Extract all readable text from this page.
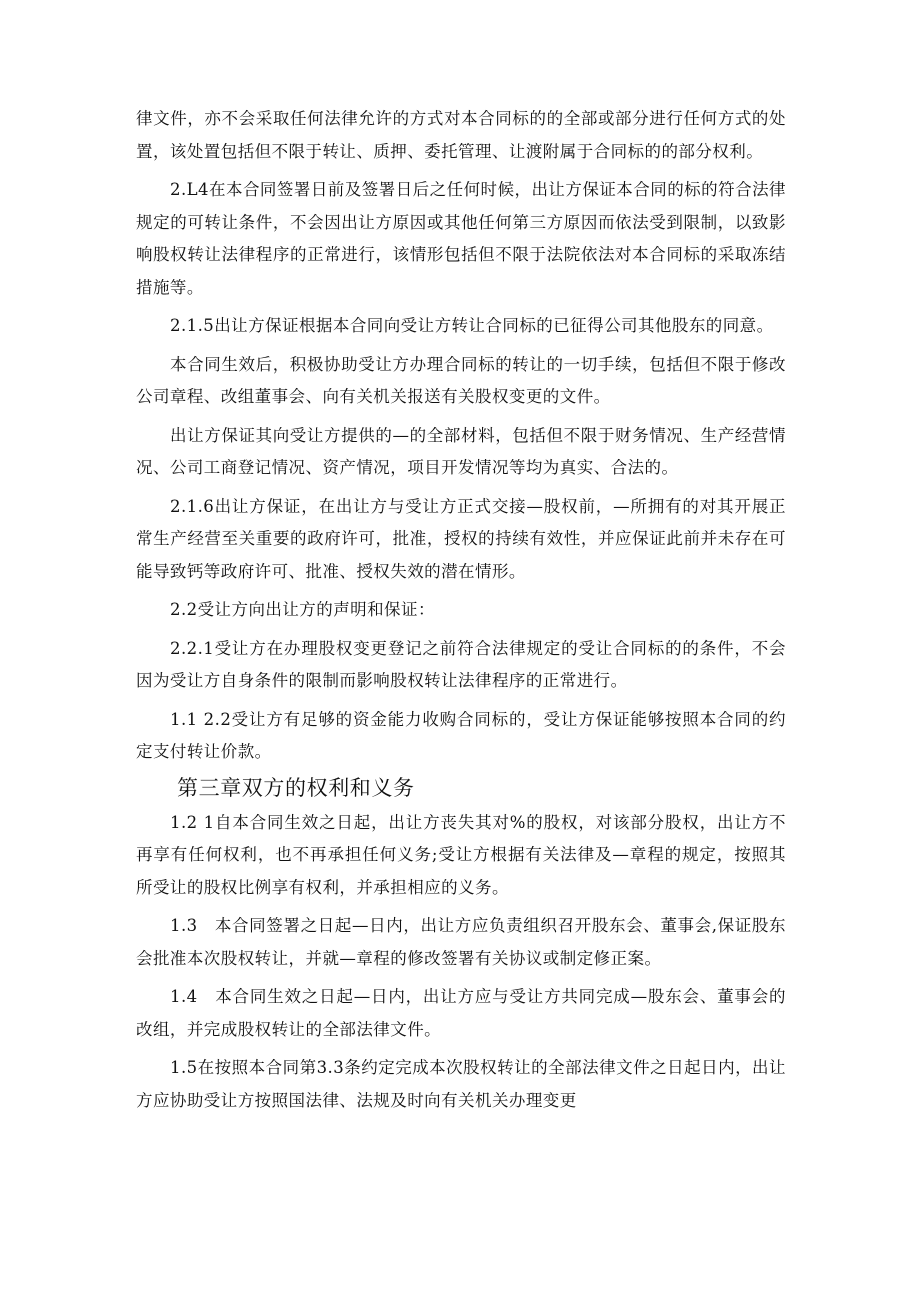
律文件，亦不会采取任何法律允许的方式对本合同标的的全部或部分进行任何方式的处置，该处置包括但不限于转让、质押、委托管理、让渡附属于合同标的的部分权利。

2.L4在本合同签署日前及签署日后之任何时候，出让方保证本合同的标的符合法律规定的可转让条件，不会因出让方原因或其他任何第三方原因而依法受到限制，以致影响股权转让法律程序的正常进行，该情形包括但不限于法院依法对本合同标的采取冻结措施等。

2.1.5出让方保证根据本合同向受让方转让合同标的已征得公司其他股东的同意。

本合同生效后，积极协助受让方办理合同标的转让的一切手续，包括但不限于修改公司章程、改组董事会、向有关机关报送有关股权变更的文件。

出让方保证其向受让方提供的—的全部材料，包括但不限于财务情况、生产经营情况、公司工商登记情况、资产情况，项目开发情况等均为真实、合法的。

2.1.6出让方保证，在出让方与受让方正式交接—股权前，—所拥有的对其开展正常生产经营至关重要的政府许可，批准，授权的持续有效性，并应保证此前并未存在可能导致钙等政府许可、批准、授权失效的潜在情形。

2.2受让方向出让方的声明和保证：

2.2.1受让方在办理股权变更登记之前符合法律规定的受让合同标的的条件，不会因为受让方自身条件的限制而影响股权转让法律程序的正常进行。

1.1 2.2受让方有足够的资金能力收购合同标的，受让方保证能够按照本合同的约定支付转让价款。

第三章双方的权利和义务

1.2 1自本合同生效之日起，出让方丧失其对%的股权，对该部分股权，出让方不再享有任何权利，也不再承担任何义务;受让方根据有关法律及—章程的规定，按照其所受让的股权比例享有权利，并承担相应的义务。

1.3　本合同签署之日起—日内，出让方应负责组织召开股东会、董事会,保证股东会批准本次股权转让，并就—章程的修改签署有关协议或制定修正案。

1.4　本合同生效之日起—日内，出让方应与受让方共同完成—股东会、董事会的改组，并完成股权转让的全部法律文件。

1.5在按照本合同第3.3条约定完成本次股权转让的全部法律文件之日起日内，出让方应协助受让方按照国法律、法规及时向有关机关办理变更
